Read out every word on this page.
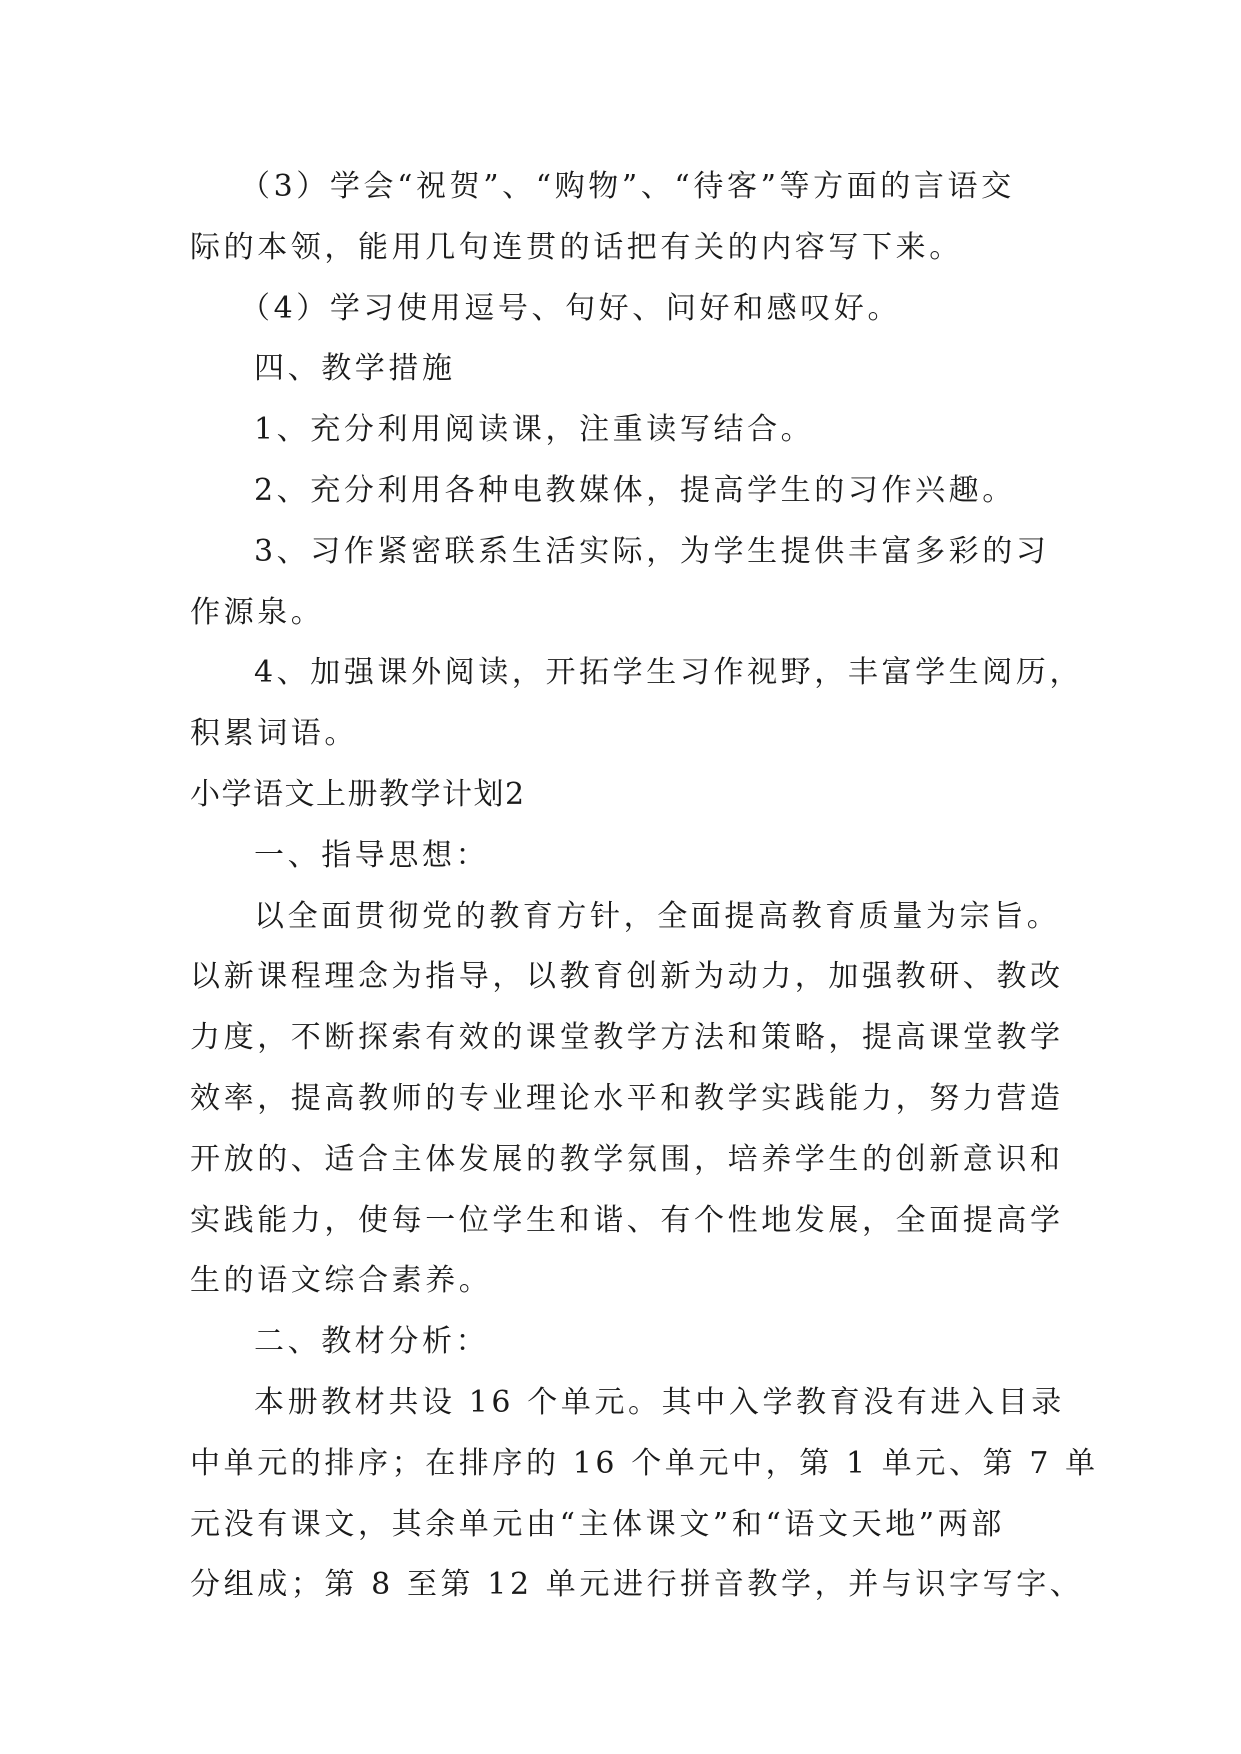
（3）学会“祝贺”、“购物”、“待客”等方面的言语交

际的本领，能用几句连贯的话把有关的内容写下来。

（4）学习使用逗号、句好、问好和感叹好。

四、教学措施

1、充分利用阅读课，注重读写结合。

2、充分利用各种电教媒体，提高学生的习作兴趣。

3、习作紧密联系生活实际，为学生提供丰富多彩的习

作源泉。

4、加强课外阅读，开拓学生习作视野，丰富学生阅历，

积累词语。

小学语文上册教学计划2

一、指导思想：

以全面贯彻党的教育方针，全面提高教育质量为宗旨。

以新课程理念为指导，以教育创新为动力，加强教研、教改

力度，不断探索有效的课堂教学方法和策略，提高课堂教学

效率，提高教师的专业理论水平和教学实践能力，努力营造

开放的、适合主体发展的教学氛围，培养学生的创新意识和

实践能力，使每一位学生和谐、有个性地发展，全面提高学

生的语文综合素养。

二、教材分析：

本册教材共设 16 个单元。其中入学教育没有进入目录

中单元的排序；在排序的 16 个单元中，第 1 单元、第 7 单

元没有课文，其余单元由“主体课文”和“语文天地”两部

分组成；第 8 至第 12 单元进行拼音教学，并与识字写字、
